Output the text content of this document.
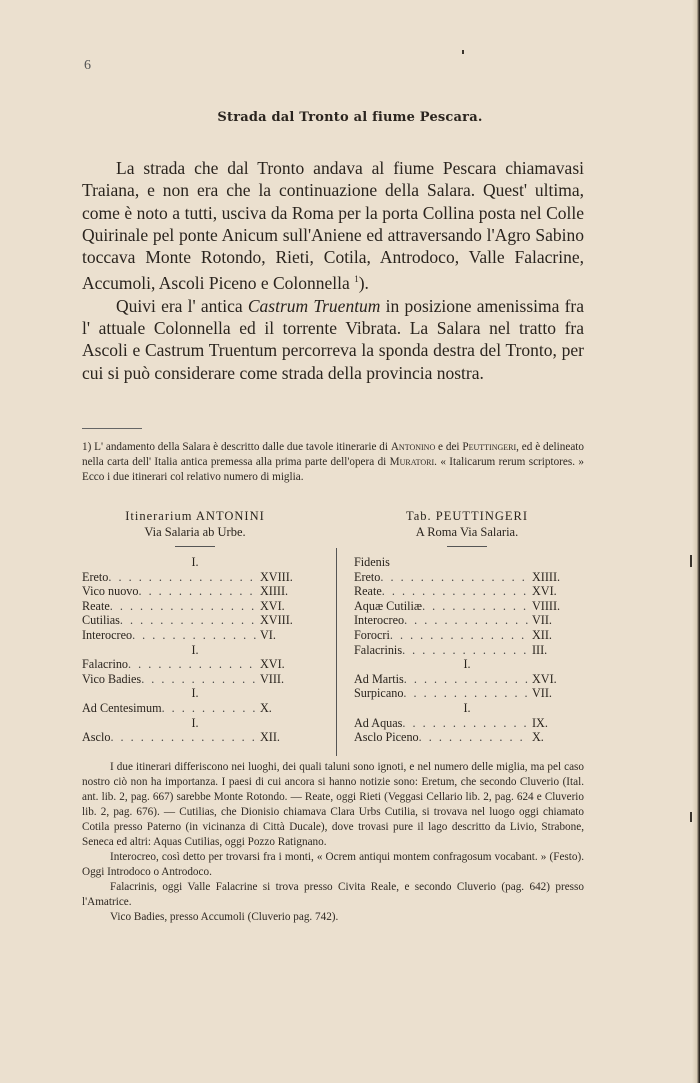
6
Strada dal Tronto al fiume Pescara.

La strada che dal Tronto andava al fiume Pescara chiamavasi Traiana, e non era che la continuazione della Salara. Quest' ultima, come è noto a tutti, usciva da Roma per la porta Collina posta nel Colle Quirinale pel ponte Anicum sull'Aniene ed attraversando l'Agro Sabino toccava Monte Rotondo, Rieti, Cotila, Antrodoco, Valle Falacrine, Accumoli, Ascoli Piceno e Colonnella $^1$).

Quivi era l' antica Castrum Truentum in posizione amenissima fra l' attuale Colonnella ed il torrente Vibrata. La Salara nel tratto fra Ascoli e Castrum Truentum percorreva la sponda destra del Tronto, per cui si può considerare come strada della provincia nostra.

1) L' andamento della Salara è descritto dalle due tavole itinerarie di Antonino e dei Peuttingeri, ed è delineato nella carta dell' Italia antica premessa alla prima parte dell'opera di Muratori. « Italicarum rerum scriptores. » Ecco i due itinerari col relativo numero di miglia.
Itinerarium ANTONINI
Via Salaria ab Urbe.
I.
Ereto . . .	XVIII.
Vico nuovo . . .	XIIII.
Reate . . .	XVI.
Cutilias . . .	XVIII.
Interocreo . . .	VI.
I.
Falacrino . . .	XVI.
Vico Badies . . .	VIII.
I.
Ad Centesimum . . .	X.
I.
Asclo . . .	XII.
Tab. PEUTTINGERI
A Roma Via Salaria.
Fidenis
Ereto . . .	XIIII.
Reate . . .	XVI.
Aquæ Cutiliæ . . .	VIIII.
Interocreo . . .	VII.
Forocri . . .	XII.
Falacrinis . . .	III.
I.
Ad Martis . . .	XVI.
Surpicano . . .	VII.
I.
Ad Aquas . . .	IX.
Asclo Piceno . . .	X.

I due itinerari differiscono nei luoghi, dei quali taluni sono ignoti, e nel numero delle miglia, ma pel caso nostro ciò non ha importanza. I paesi di cui ancora si hanno notizie sono: Eretum, che secondo Cluverio (Ital. ant. lib. 2, pag. 667) sarebbe Monte Rotondo. — Reate, oggi Rieti (Veggasi Cellario lib. 2, pag. 624 e Cluverio lib. 2, pag. 676). — Cutilias, che Dionisio chiamava Clara Urbs Cutilia, si trovava nel luogo oggi chiamato Cotila presso Paterno (in vicinanza di Città Ducale), dove trovasi pure il lago descritto da Livio, Strabone, Seneca ed altri: Aquas Cutilias, oggi Pozzo Ratignano.

Interocreo, così detto per trovarsi fra i monti, « Ocrem antiqui montem confragosum vocabant. » (Festo). Oggi Introdoco o Antrodoco.

Falacrinis, oggi Valle Falacrine si trova presso Civita Reale, e secondo Cluverio (pag. 642) presso l'Amatrice.

Vico Badies, presso Accumoli (Cluverio pag. 742).
